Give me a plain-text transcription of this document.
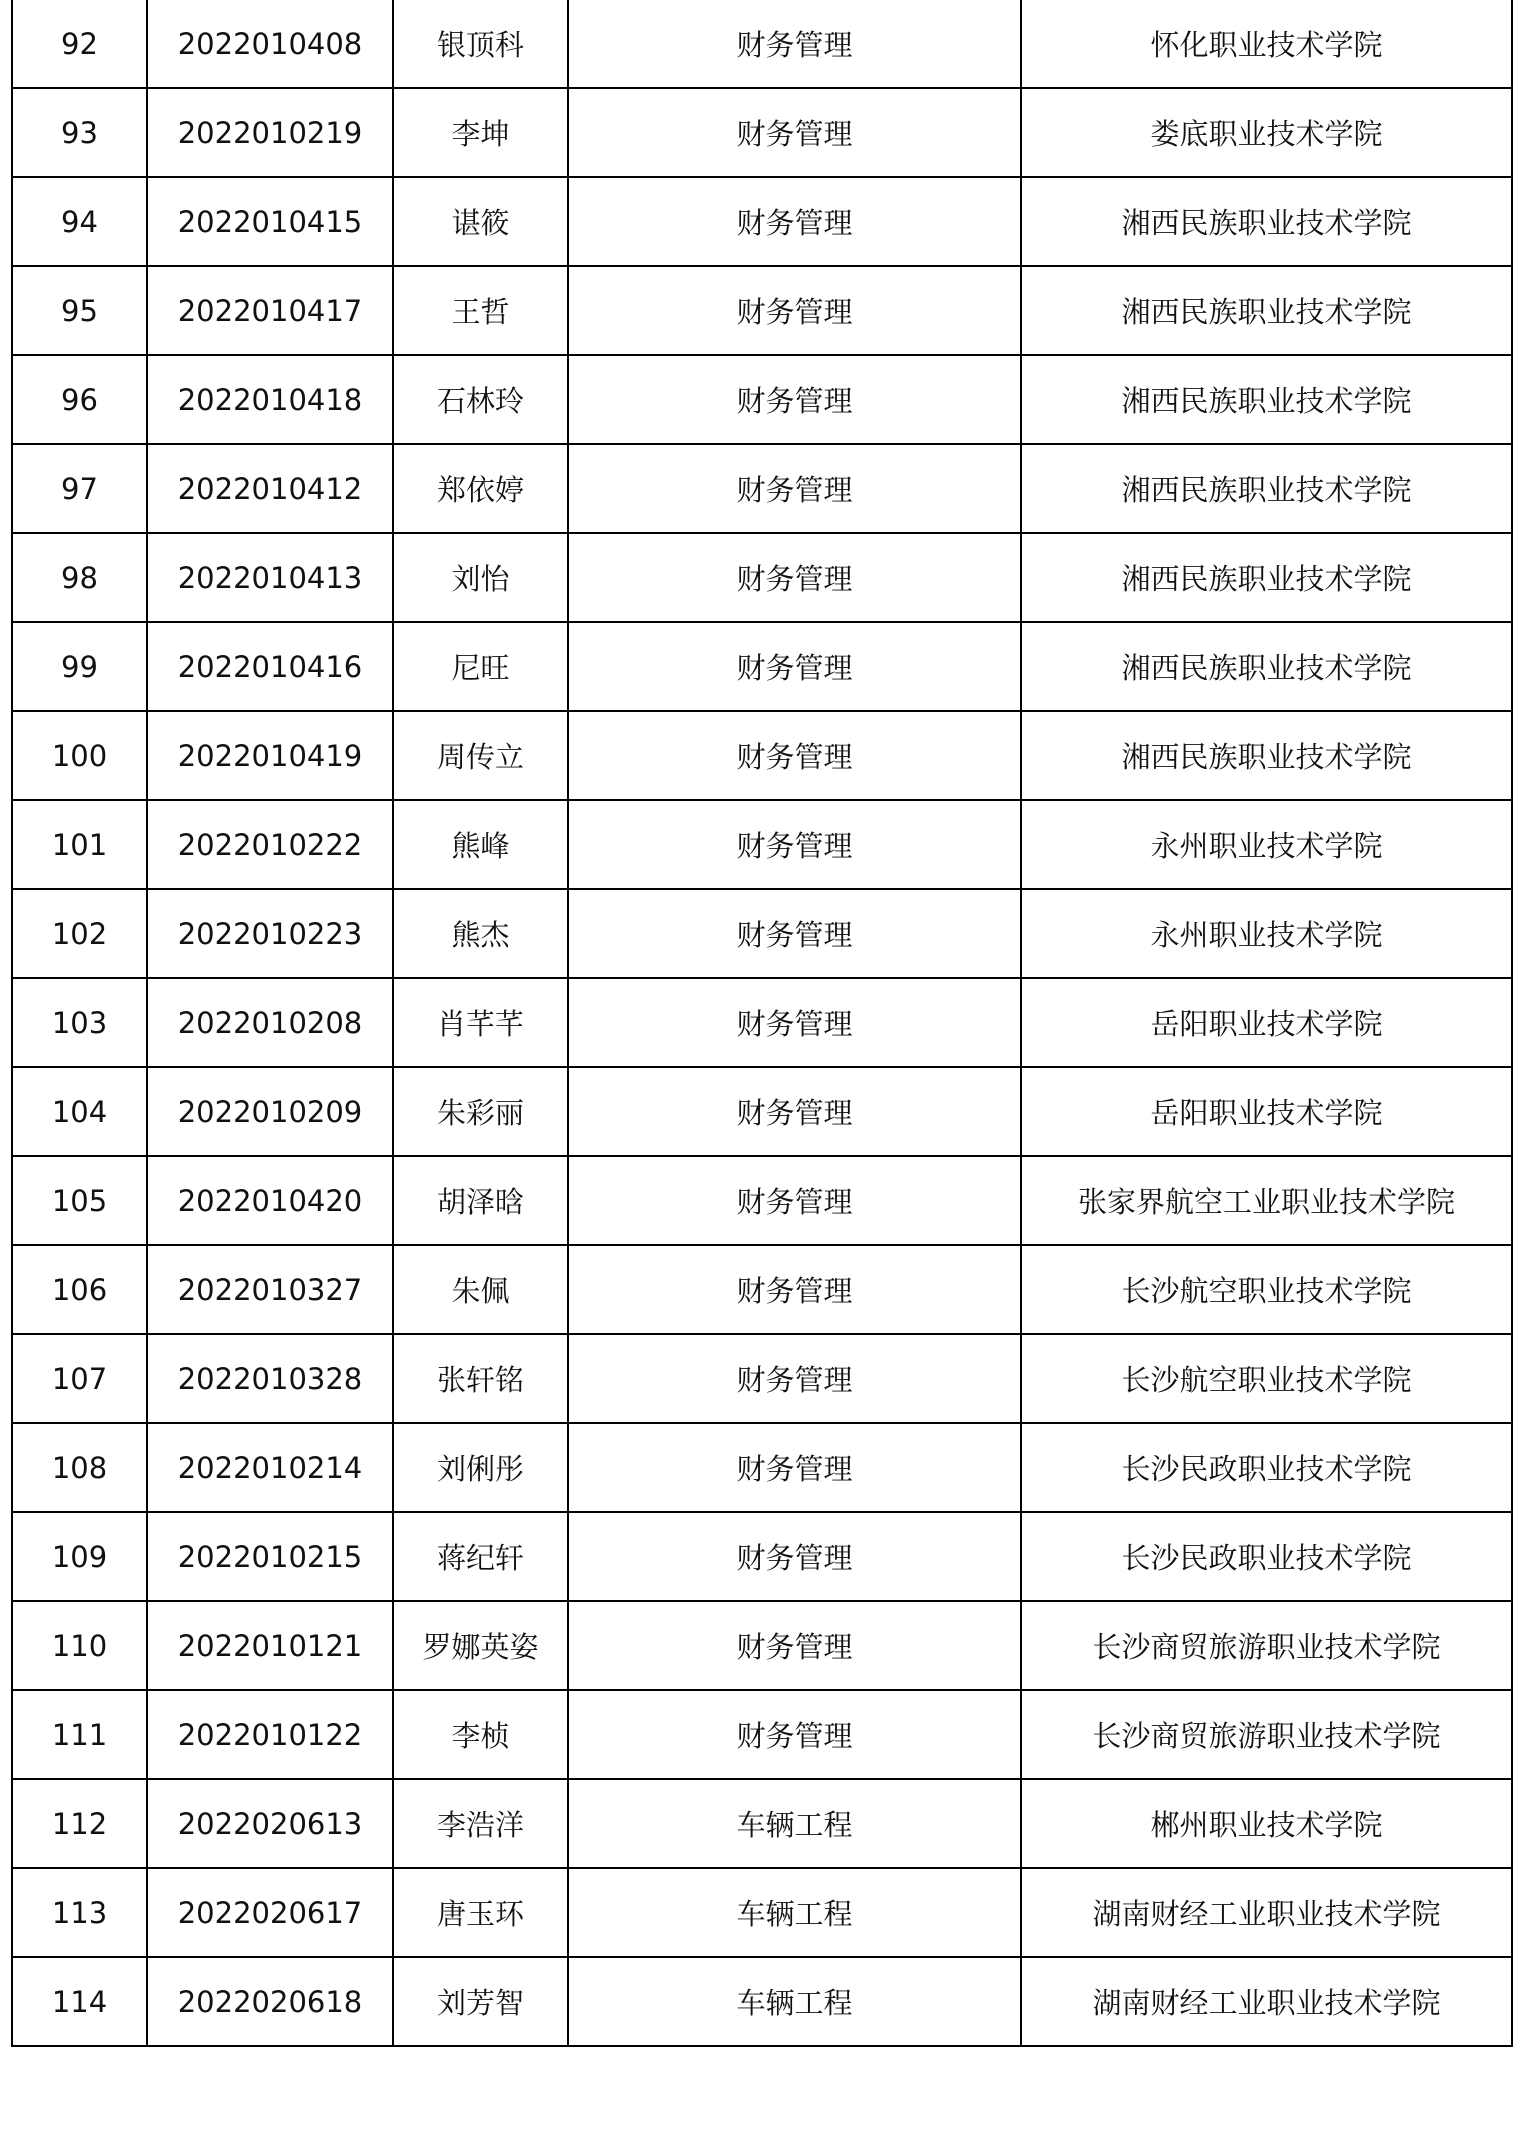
92	2022010408	银顶科	财务管理	怀化职业技术学院
93	2022010219	李坤	财务管理	娄底职业技术学院
94	2022010415	谌筱	财务管理	湘西民族职业技术学院
95	2022010417	王哲	财务管理	湘西民族职业技术学院
96	2022010418	石林玲	财务管理	湘西民族职业技术学院
97	2022010412	郑依婷	财务管理	湘西民族职业技术学院
98	2022010413	刘怡	财务管理	湘西民族职业技术学院
99	2022010416	尼旺	财务管理	湘西民族职业技术学院
100	2022010419	周传立	财务管理	湘西民族职业技术学院
101	2022010222	熊峰	财务管理	永州职业技术学院
102	2022010223	熊杰	财务管理	永州职业技术学院
103	2022010208	肖芊芊	财务管理	岳阳职业技术学院
104	2022010209	朱彩丽	财务管理	岳阳职业技术学院
105	2022010420	胡泽晗	财务管理	张家界航空工业职业技术学院
106	2022010327	朱佩	财务管理	长沙航空职业技术学院
107	2022010328	张轩铭	财务管理	长沙航空职业技术学院
108	2022010214	刘俐彤	财务管理	长沙民政职业技术学院
109	2022010215	蒋纪轩	财务管理	长沙民政职业技术学院
110	2022010121	罗娜英姿	财务管理	长沙商贸旅游职业技术学院
111	2022010122	李桢	财务管理	长沙商贸旅游职业技术学院
112	2022020613	李浩洋	车辆工程	郴州职业技术学院
113	2022020617	唐玉环	车辆工程	湖南财经工业职业技术学院
114	2022020618	刘芳智	车辆工程	湖南财经工业职业技术学院
